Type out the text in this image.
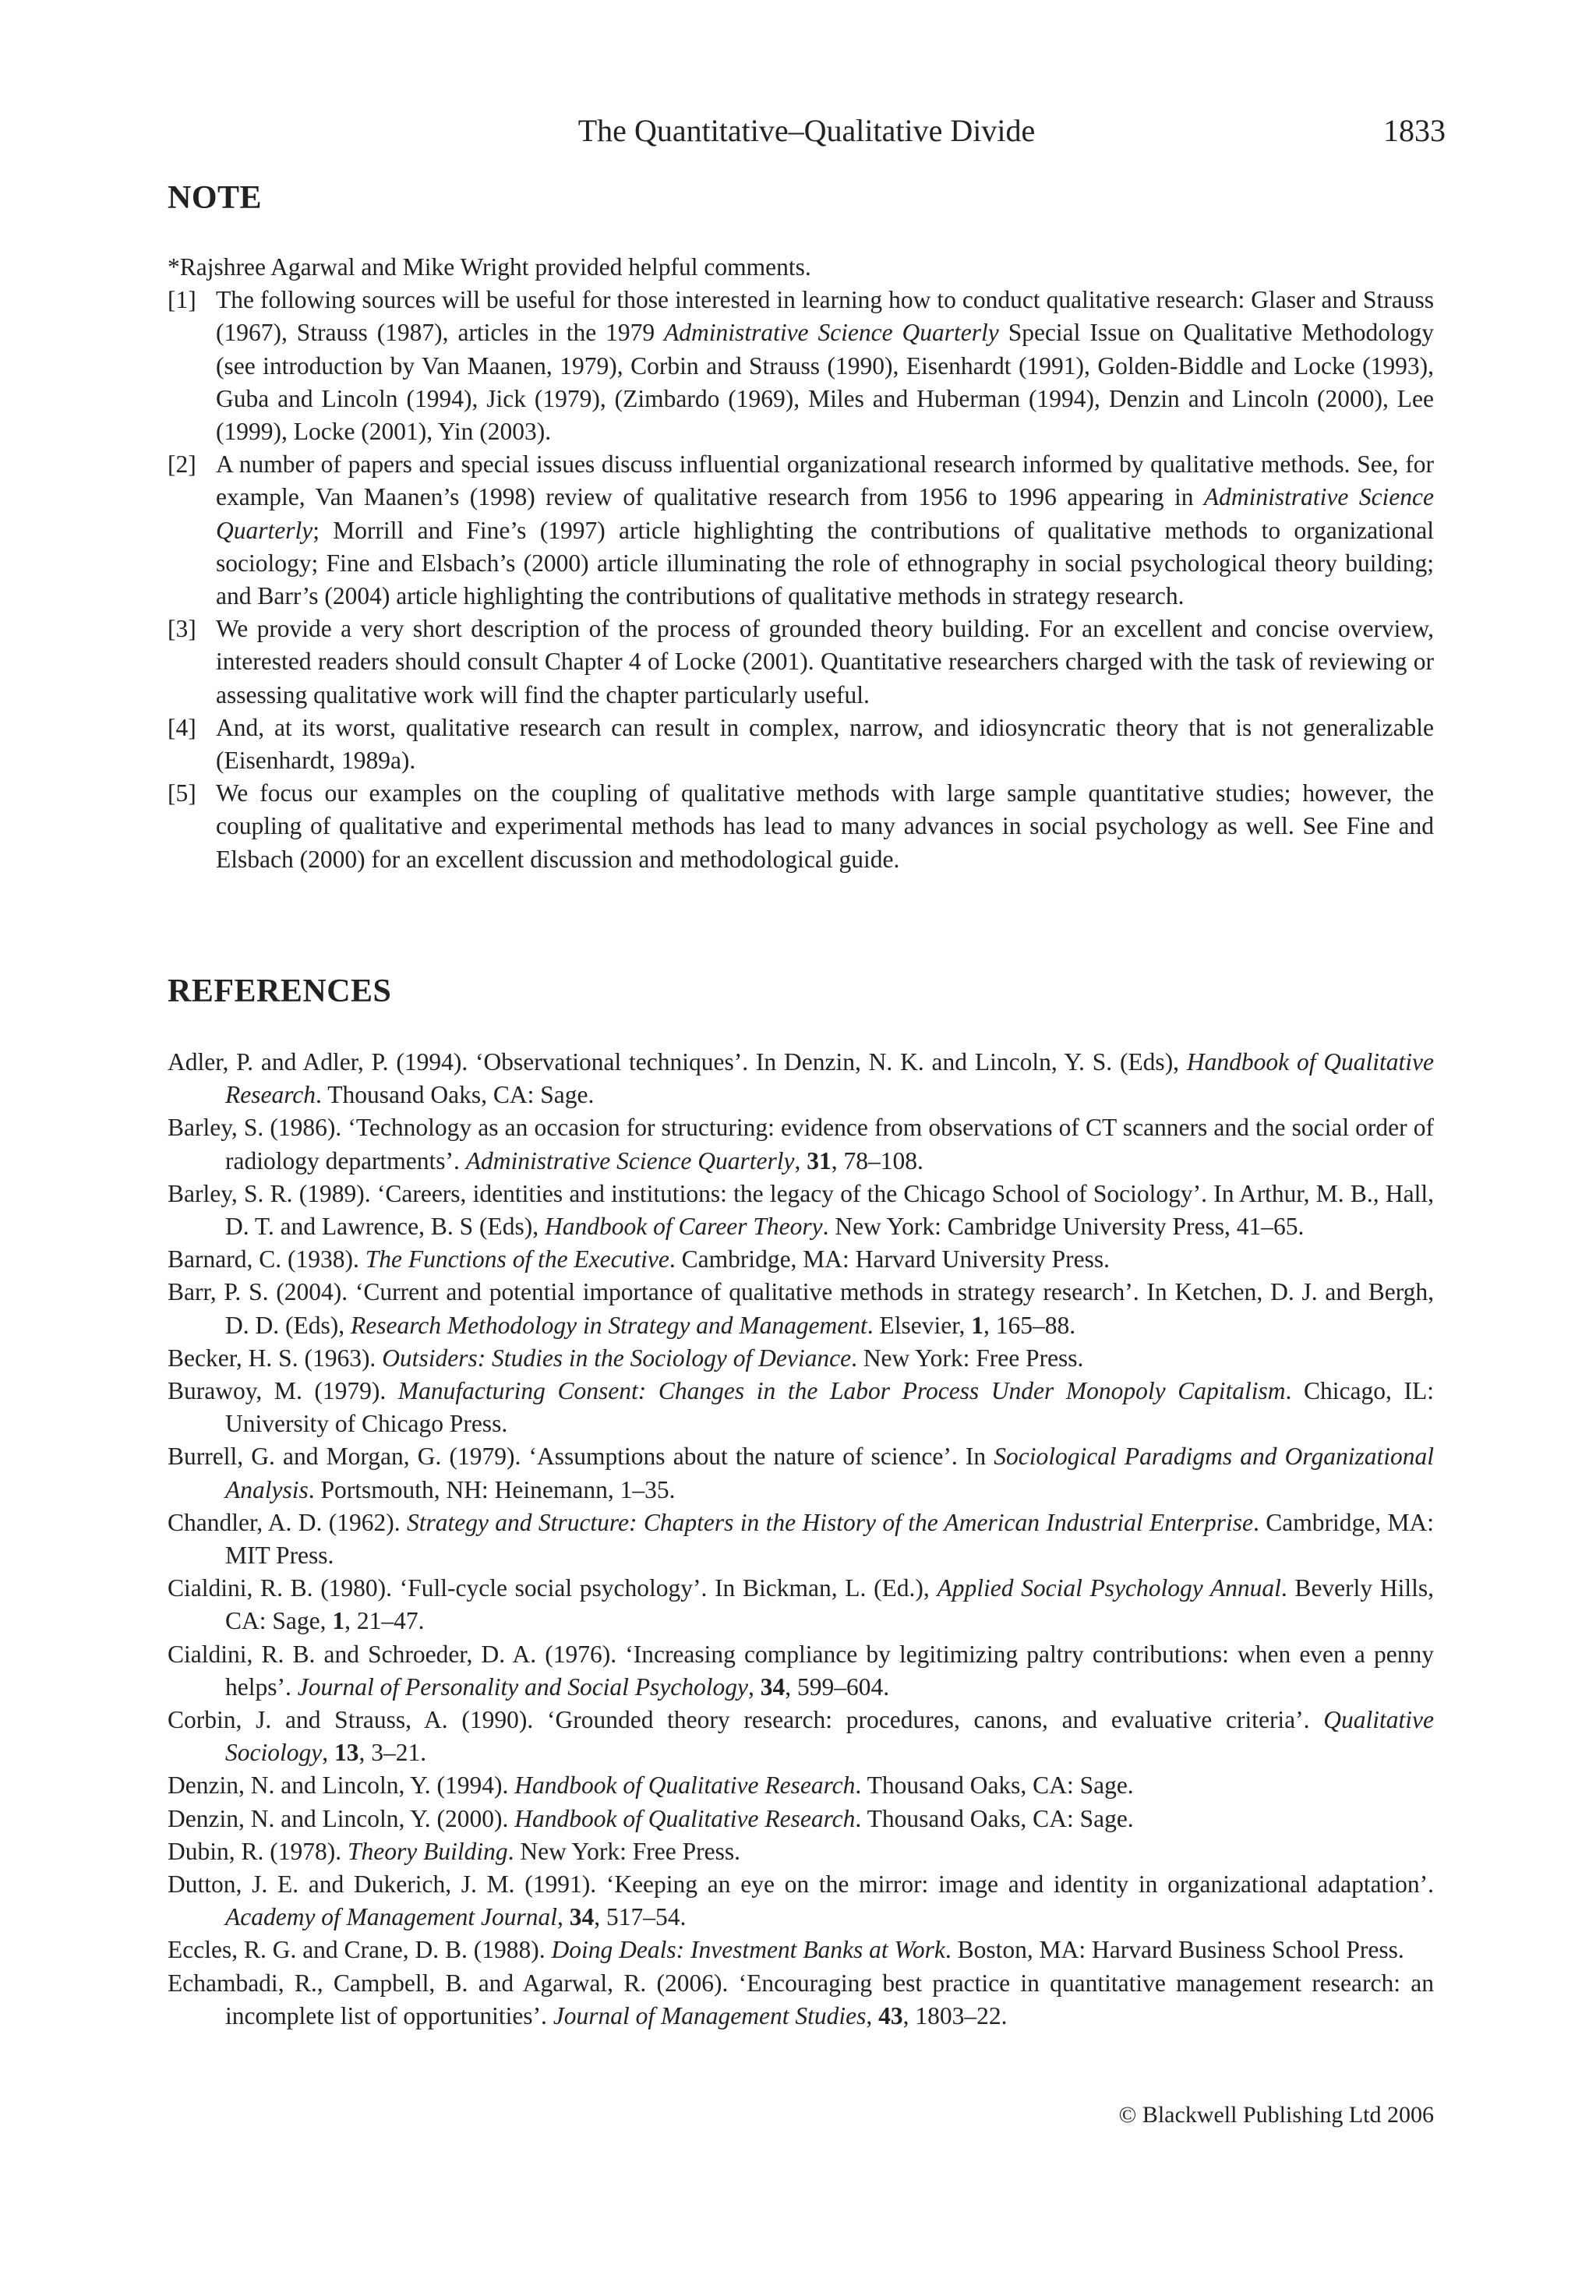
The Quantitative–Qualitative Divide	1833
NOTE

*Rajshree Agarwal and Mike Wright provided helpful comments.

[1] The following sources will be useful for those interested in learning how to conduct qualitative research: Glaser and Strauss (1967), Strauss (1987), articles in the 1979 Administrative Science Quarterly Special Issue on Qualitative Methodology (see introduction by Van Maanen, 1979), Corbin and Strauss (1990), Eisenhardt (1991), Golden-Biddle and Locke (1993), Guba and Lincoln (1994), Jick (1979), (Zimbardo (1969), Miles and Huberman (1994), Denzin and Lincoln (2000), Lee (1999), Locke (2001), Yin (2003).

[2] A number of papers and special issues discuss influential organizational research informed by qualitative methods. See, for example, Van Maanen’s (1998) review of qualitative research from 1956 to 1996 appearing in Administrative Science Quarterly; Morrill and Fine’s (1997) article highlighting the contributions of qualitative methods to organizational sociology; Fine and Elsbach’s (2000) article illuminating the role of ethnography in social psychological theory building; and Barr’s (2004) article highlighting the contributions of qualitative methods in strategy research.

[3] We provide a very short description of the process of grounded theory building. For an excellent and concise overview, interested readers should consult Chapter 4 of Locke (2001). Quantitative researchers charged with the task of reviewing or assessing qualitative work will find the chapter particularly useful.

[4] And, at its worst, qualitative research can result in complex, narrow, and idiosyncratic theory that is not generalizable (Eisenhardt, 1989a).

[5] We focus our examples on the coupling of qualitative methods with large sample quantitative studies; however, the coupling of qualitative and experimental methods has lead to many advances in social psychology as well. See Fine and Elsbach (2000) for an excellent discussion and methodological guide.

REFERENCES

Adler, P. and Adler, P. (1994). ‘Observational techniques’. In Denzin, N. K. and Lincoln, Y. S. (Eds), Handbook of Qualitative Research. Thousand Oaks, CA: Sage.

Barley, S. (1986). ‘Technology as an occasion for structuring: evidence from observations of CT scanners and the social order of radiology departments’. Administrative Science Quarterly, 31, 78–108.

Barley, S. R. (1989). ‘Careers, identities and institutions: the legacy of the Chicago School of Sociology’. In Arthur, M. B., Hall, D. T. and Lawrence, B. S (Eds), Handbook of Career Theory. New York: Cambridge University Press, 41–65.

Barnard, C. (1938). The Functions of the Executive. Cambridge, MA: Harvard University Press.

Barr, P. S. (2004). ‘Current and potential importance of qualitative methods in strategy research’. In Ketchen, D. J. and Bergh, D. D. (Eds), Research Methodology in Strategy and Management. Elsevier, 1, 165–88.

Becker, H. S. (1963). Outsiders: Studies in the Sociology of Deviance. New York: Free Press.

Burawoy, M. (1979). Manufacturing Consent: Changes in the Labor Process Under Monopoly Capitalism. Chicago, IL: University of Chicago Press.

Burrell, G. and Morgan, G. (1979). ‘Assumptions about the nature of science’. In Sociological Paradigms and Organizational Analysis. Portsmouth, NH: Heinemann, 1–35.

Chandler, A. D. (1962). Strategy and Structure: Chapters in the History of the American Industrial Enterprise. Cambridge, MA: MIT Press.

Cialdini, R. B. (1980). ‘Full-cycle social psychology’. In Bickman, L. (Ed.), Applied Social Psychology Annual. Beverly Hills, CA: Sage, 1, 21–47.

Cialdini, R. B. and Schroeder, D. A. (1976). ‘Increasing compliance by legitimizing paltry contributions: when even a penny helps’. Journal of Personality and Social Psychology, 34, 599–604.

Corbin, J. and Strauss, A. (1990). ‘Grounded theory research: procedures, canons, and evaluative criteria’. Qualitative Sociology, 13, 3–21.

Denzin, N. and Lincoln, Y. (1994). Handbook of Qualitative Research. Thousand Oaks, CA: Sage.

Denzin, N. and Lincoln, Y. (2000). Handbook of Qualitative Research. Thousand Oaks, CA: Sage.

Dubin, R. (1978). Theory Building. New York: Free Press.

Dutton, J. E. and Dukerich, J. M. (1991). ‘Keeping an eye on the mirror: image and identity in organizational adaptation’. Academy of Management Journal, 34, 517–54.

Eccles, R. G. and Crane, D. B. (1988). Doing Deals: Investment Banks at Work. Boston, MA: Harvard Business School Press.

Echambadi, R., Campbell, B. and Agarwal, R. (2006). ‘Encouraging best practice in quantitative management research: an incomplete list of opportunities’. Journal of Management Studies, 43, 1803–22.

© Blackwell Publishing Ltd 2006
